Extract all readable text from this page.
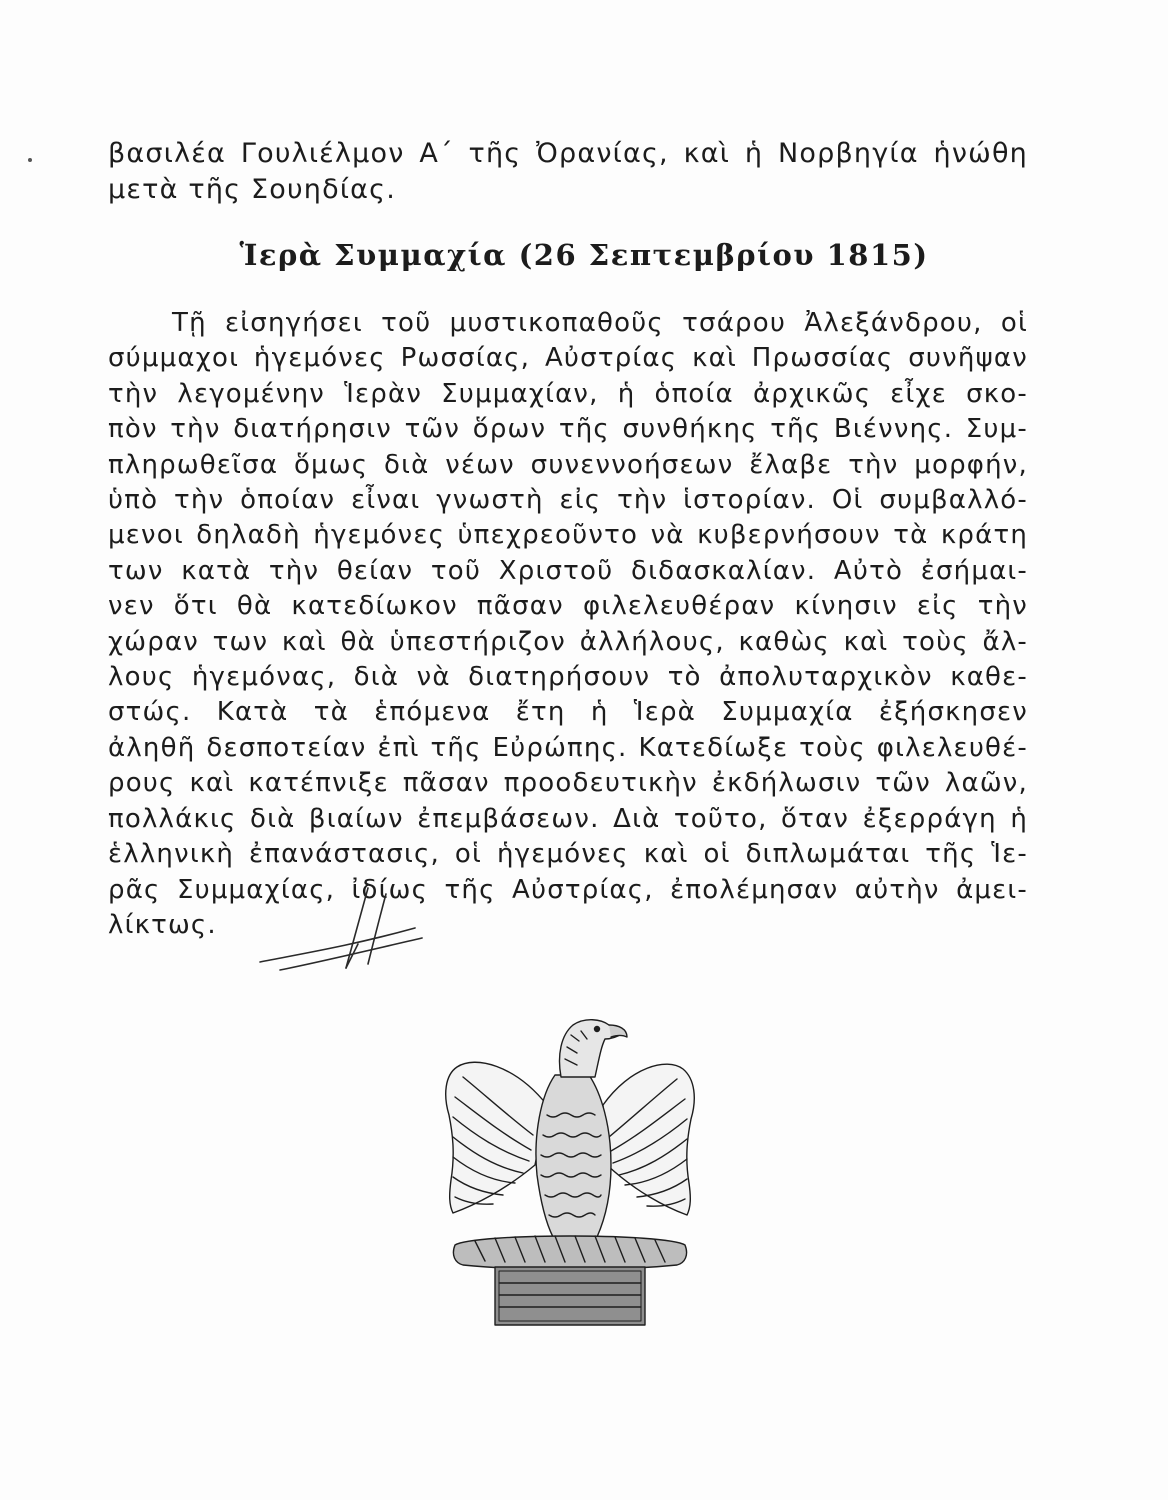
βασιλέα Γουλιέλμον Α΄ τῆς Ὀρανίας, καὶ ἡ Νορβηγία ἡνώθη
μετὰ τῆς Σουηδίας.

Ἱερὰ Συμμαχία (26 Σεπτεμβρίου 1815)

Τῇ εἰσηγήσει τοῦ μυστικοπαθοῦς τσάρου Ἀλεξάνδρου, οἱ
σύμμαχοι ἡγεμόνες Ρωσσίας, Αὐστρίας καὶ Πρωσσίας συνῆψαν
τὴν λεγομένην Ἱερὰν Συμμαχίαν, ἡ ὁποία ἀρχικῶς εἶχε σκο-
πὸν τὴν διατήρησιν τῶν ὅρων τῆς συνθήκης τῆς Βιέννης. Συμ-
πληρωθεῖσα ὅμως διὰ νέων συνεννοήσεων ἔλαβε τὴν μορφήν,
ὑπὸ τὴν ὁποίαν εἶναι γνωστὴ εἰς τὴν ἱστορίαν. Οἱ συμβαλλό-
μενοι δηλαδὴ ἡγεμόνες ὑπεχρεοῦντο νὰ κυβερνήσουν τὰ κράτη
των κατὰ τὴν θείαν τοῦ Χριστοῦ διδασκαλίαν. Αὐτὸ ἐσήμαι-
νεν ὅτι θὰ κατεδίωκον πᾶσαν φιλελευθέραν κίνησιν εἰς τὴν
χώραν των καὶ θὰ ὑπεστήριζον ἀλλήλους, καθὼς καὶ τοὺς ἄλ-
λους ἡγεμόνας, διὰ νὰ διατηρήσουν τὸ ἀπολυταρχικὸν καθε-
στώς. Κατὰ τὰ ἑπόμενα ἔτη ἡ Ἱερὰ Συμμαχία ἐξήσκησεν
ἀληθῆ δεσποτείαν ἐπὶ τῆς Εὐρώπης. Κατεδίωξε τοὺς φιλελευθέ-
ρους καὶ κατέπνιξε πᾶσαν προοδευτικὴν ἐκδήλωσιν τῶν λαῶν,
πολλάκις διὰ βιαίων ἐπεμβάσεων. Διὰ τοῦτο, ὅταν ἐξερράγη ἡ
ἑλληνικὴ ἐπανάστασις, οἱ ἡγεμόνες καὶ οἱ διπλωμάται τῆς Ἱε-
ρᾶς Συμμαχίας, ἰδίως τῆς Αὐστρίας, ἐπολέμησαν αὐτὴν ἀμει-
λίκτως.
